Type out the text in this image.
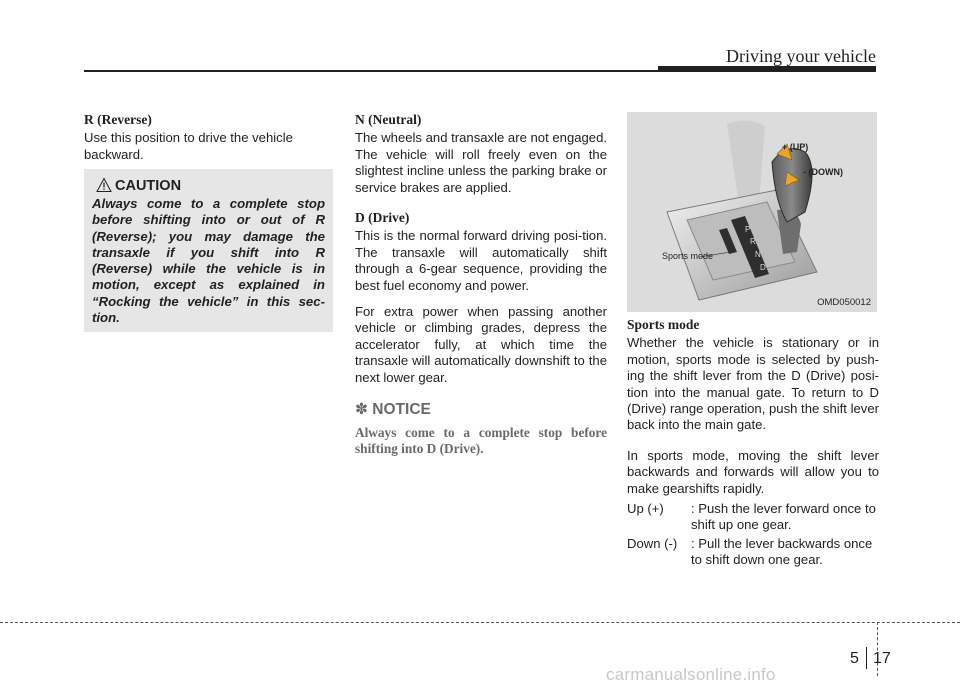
Driving your vehicle
R (Reverse)

Use this position to drive the vehicle backward.

CAUTION
Always come to a complete stop before shifting into or out of R (Reverse); you may damage the transaxle if you shift into R (Reverse) while the vehicle is in motion, except as explained in “Rocking the vehicle” in this sec-tion.
N (Neutral)

The wheels and transaxle are not engaged. The vehicle will roll freely even on the slightest incline unless the parking brake or service brakes are applied.

D (Drive)

This is the normal forward driving posi-tion. The transaxle will automatically shift through a 6-gear sequence, providing the best fuel economy and power.

For extra power when passing another vehicle or climbing grades, depress the accelerator fully, at which time the transaxle will automatically downshift to the next lower gear.

✽ NOTICE
Always come to a complete stop before shifting into D (Drive).
P
R
N
D
+ (UP)
- (DOWN)
Sports mode
OMD050012
Sports mode

Whether the vehicle is stationary or in motion, sports mode is selected by push-ing the shift lever from the D (Drive) posi-tion into the manual gate. To return to D (Drive) range operation, push the shift lever back into the main gate.

In sports mode, moving the shift lever backwards and forwards will allow you to make gearshifts rapidly.

Up (+)	: Push the lever forward once to shift up one gear.
Down (-)	: Pull the lever backwards once to shift down one gear.
5 17
carmanualsonline.info
